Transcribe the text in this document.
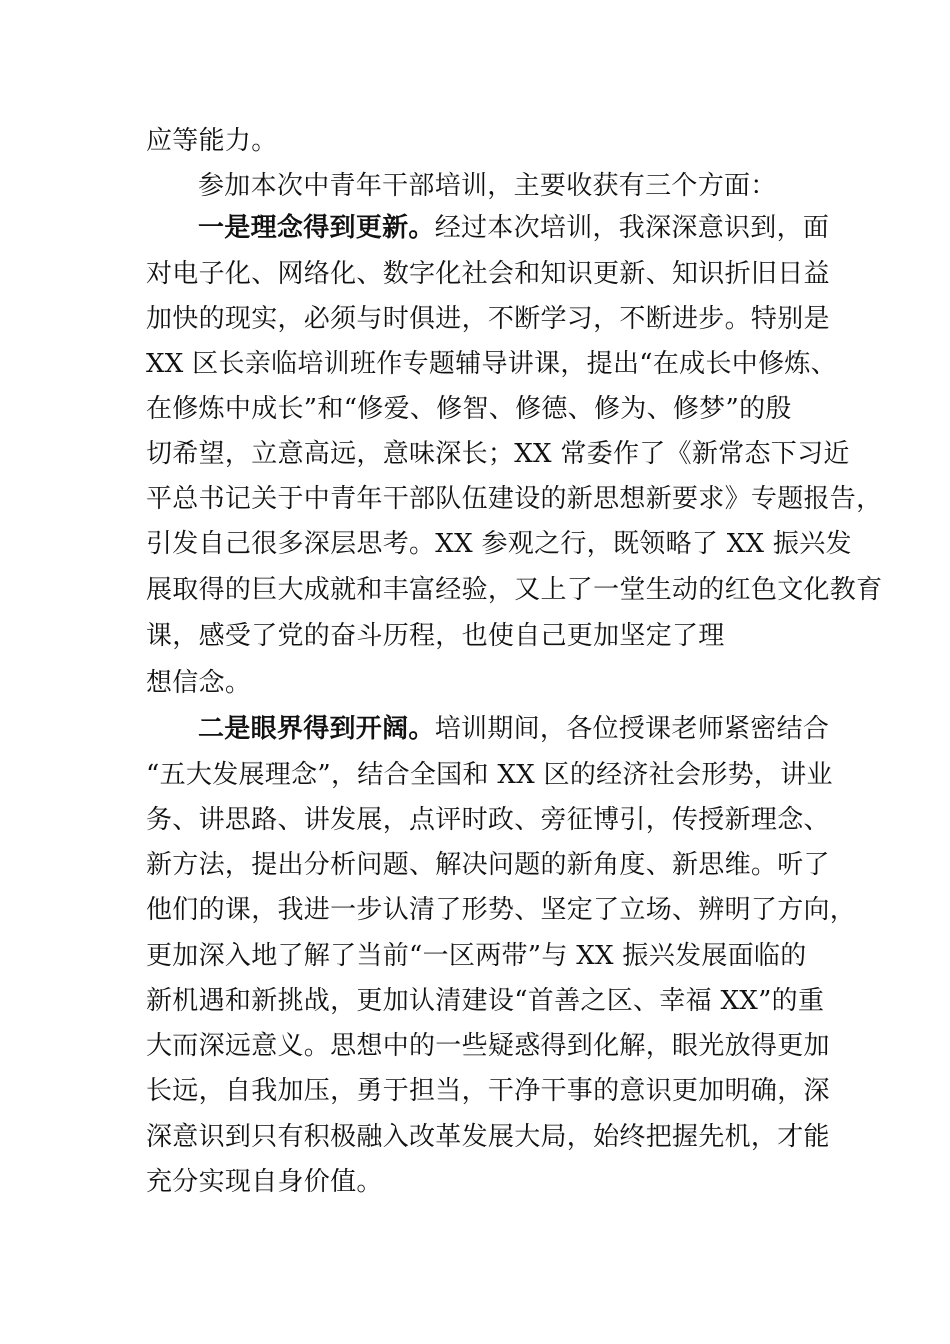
应等能力。
参加本次中青年干部培训，主要收获有三个方面：
一是理念得到更新。经过本次培训，我深深意识到，面
对电子化、网络化、数字化社会和知识更新、知识折旧日益
加快的现实，必须与时俱进，不断学习，不断进步。特别是
XX 区长亲临培训班作专题辅导讲课，提出“在成长中修炼、
在修炼中成长”和“修爱、修智、修德、修为、修梦”的殷
切希望，立意高远，意味深长；XX 常委作了《新常态下习近
平总书记关于中青年干部队伍建设的新思想新要求》专题报告，
引发自己很多深层思考。XX 参观之行，既领略了 XX 振兴发
展取得的巨大成就和丰富经验，又上了一堂生动的红色文化教育
课，感受了党的奋斗历程，也使自己更加坚定了理
想信念。
二是眼界得到开阔。培训期间，各位授课老师紧密结合
“五大发展理念”，结合全国和 XX 区的经济社会形势，讲业
务、讲思路、讲发展，点评时政、旁征博引，传授新理念、
新方法，提出分析问题、解决问题的新角度、新思维。听了
他们的课，我进一步认清了形势、坚定了立场、辨明了方向，
更加深入地了解了当前“一区两带”与 XX 振兴发展面临的
新机遇和新挑战，更加认清建设“首善之区、幸福 XX”的重
大而深远意义。思想中的一些疑惑得到化解，眼光放得更加
长远，自我加压，勇于担当，干净干事的意识更加明确，深
深意识到只有积极融入改革发展大局，始终把握先机，才能
充分实现自身价值。
